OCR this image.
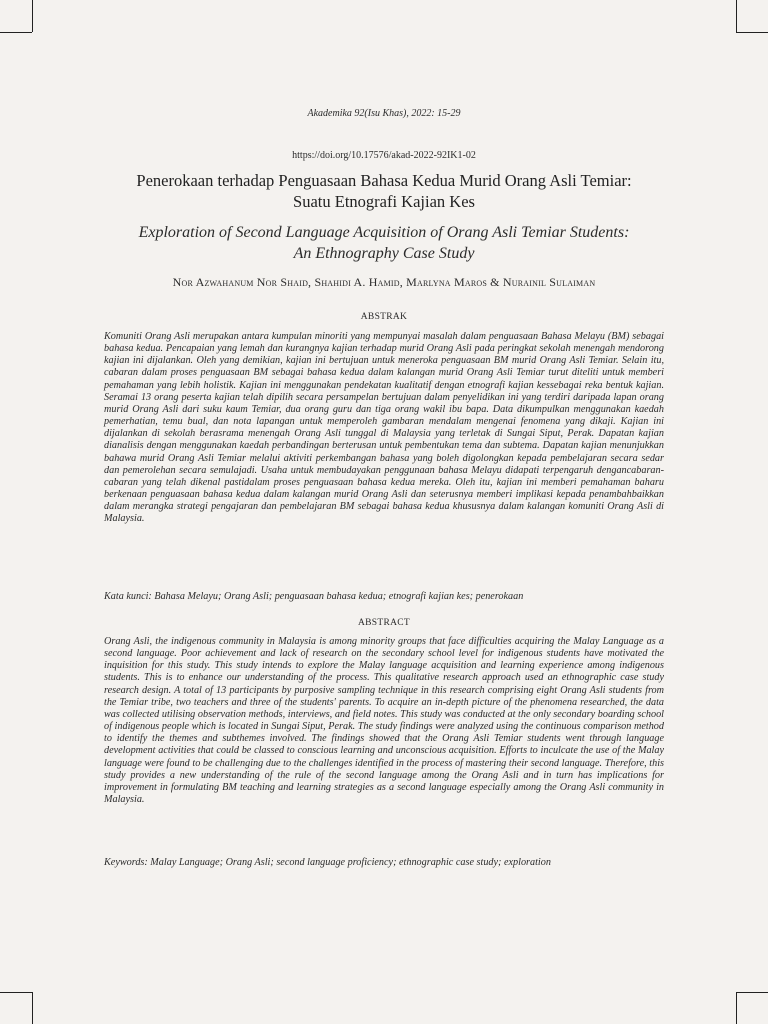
Akademika 92(Isu Khas), 2022: 15-29
https://doi.org/10.17576/akad-2022-92IK1-02
Penerokaan terhadap Penguasaan Bahasa Kedua Murid Orang Asli Temiar:
Suatu Etnografi Kajian Kes
Exploration of Second Language Acquisition of Orang Asli Temiar Students:
An Ethnography Case Study
Nor Azwahanum Nor Shaid, Shahidi A. Hamid, Marlyna Maros & Nurainil Sulaiman
ABSTRAK

Komuniti Orang Asli merupakan antara kumpulan minoriti yang mempunyai masalah dalam penguasaan Bahasa Melayu (BM) sebagai bahasa kedua. Pencapaian yang lemah dan kurangnya kajian terhadap murid Orang Asli pada peringkat sekolah menengah mendorong kajian ini dijalankan. Oleh yang demikian, kajian ini bertujuan untuk meneroka penguasaan BM murid Orang Asli Temiar. Selain itu, cabaran dalam proses penguasaan BM sebagai bahasa kedua dalam kalangan murid Orang Asli Temiar turut diteliti untuk memberi pemahaman yang lebih holistik. Kajian ini menggunakan pendekatan kualitatif dengan etnografi kajian kessebagai reka bentuk kajian. Seramai 13 orang peserta kajian telah dipilih secara persampelan bertujuan dalam penyelidikan ini yang terdiri daripada lapan orang murid Orang Asli dari suku kaum Temiar, dua orang guru dan tiga orang wakil ibu bapa. Data dikumpulkan menggunakan kaedah pemerhatian, temu bual, dan nota lapangan untuk memperoleh gambaran mendalam mengenai fenomena yang dikaji. Kajian ini dijalankan di sekolah berasrama menengah Orang Asli tunggal di Malaysia yang terletak di Sungai Siput, Perak. Dapatan kajian dianalisis dengan menggunakan kaedah perbandingan berterusan untuk pembentukan tema dan subtema. Dapatan kajian menunjukkan bahawa murid Orang Asli Temiar melalui aktiviti perkembangan bahasa yang boleh digolongkan kepada pembelajaran secara sedar dan pemerolehan secara semulajadi. Usaha untuk membudayakan penggunaan bahasa Melayu didapati terpengaruh dengancabaran-cabaran yang telah dikenal pastidalam proses penguasaan bahasa kedua mereka. Oleh itu, kajian ini memberi pemahaman baharu berkenaan penguasaan bahasa kedua dalam kalangan murid Orang Asli dan seterusnya memberi implikasi kepada penambahbaikkan dalam merangka strategi pengajaran dan pembelajaran BM sebagai bahasa kedua khususnya dalam kalangan komuniti Orang Asli di Malaysia.

Kata kunci: Bahasa Melayu; Orang Asli; penguasaan bahasa kedua; etnografi kajian kes; penerokaan

ABSTRACT

Orang Asli, the indigenous community in Malaysia is among minority groups that face difficulties acquiring the Malay Language as a second language. Poor achievement and lack of research on the secondary school level for indigenous students have motivated the inquisition for this study. This study intends to explore the Malay language acquisition and learning experience among indigenous students. This is to enhance our understanding of the process. This qualitative research approach used an ethnographic case study research design. A total of 13 participants by purposive sampling technique in this research comprising eight Orang Asli students from the Temiar tribe, two teachers and three of the students' parents. To acquire an in-depth picture of the phenomena researched, the data was collected utilising observation methods, interviews, and field notes. This study was conducted at the only secondary boarding school of indigenous people which is located in Sungai Siput, Perak. The study findings were analyzed using the continuous comparison method to identify the themes and subthemes involved. The findings showed that the Orang Asli Temiar students went through language development activities that could be classed to conscious learning and unconscious acquisition. Efforts to inculcate the use of the Malay language were found to be challenging due to the challenges identified in the process of mastering their second language. Therefore, this study provides a new understanding of the rule of the second language among the Orang Asli and in turn has implications for improvement in formulating BM teaching and learning strategies as a second language especially among the Orang Asli community in Malaysia.

Keywords: Malay Language; Orang Asli; second language proficiency; ethnographic case study; exploration
